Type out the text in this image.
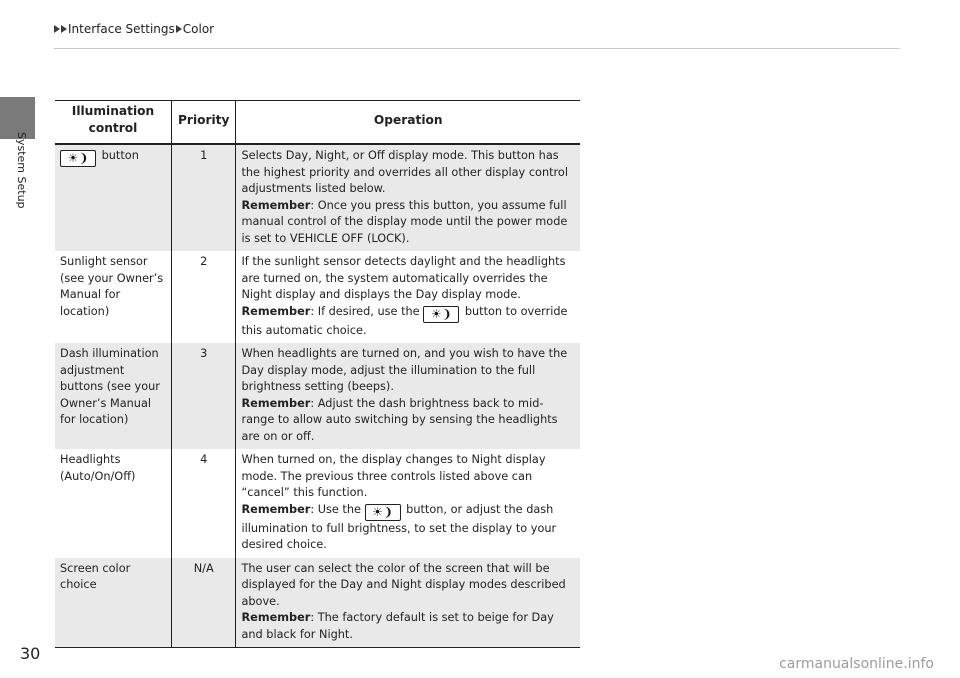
Interface Settings Color
System Setup
Illumination control	Priority	Operation
☀❩ button	1	Selects Day, Night, or Off display mode. This button has the highest priority and overrides all other display control adjustments listed below.
Remember: Once you press this button, you assume full manual control of the display mode until the power mode is set to VEHICLE OFF (LOCK).
Sunlight sensor (see your Owner’s Manual for location)	2	If the sunlight sensor detects daylight and the headlights are turned on, the system automatically overrides the Night display and displays the Day display mode.
Remember: If desired, use the ☀❩ button to override this automatic choice.
Dash illumination adjustment buttons (see your Owner’s Manual for location)	3	When headlights are turned on, and you wish to have the Day display mode, adjust the illumination to the full brightness setting (beeps).
Remember: Adjust the dash brightness back to mid-range to allow auto switching by sensing the headlights are on or off.
Headlights (Auto/On/Off)	4	When turned on, the display changes to Night display mode. The previous three controls listed above can “cancel” this function.
Remember: Use the ☀❩ button, or adjust the dash illumination to full brightness, to set the display to your desired choice.
Screen color choice	N/A	The user can select the color of the screen that will be displayed for the Day and Night display modes described above.
Remember: The factory default is set to beige for Day and black for Night.
30
carmanualsonline.info
